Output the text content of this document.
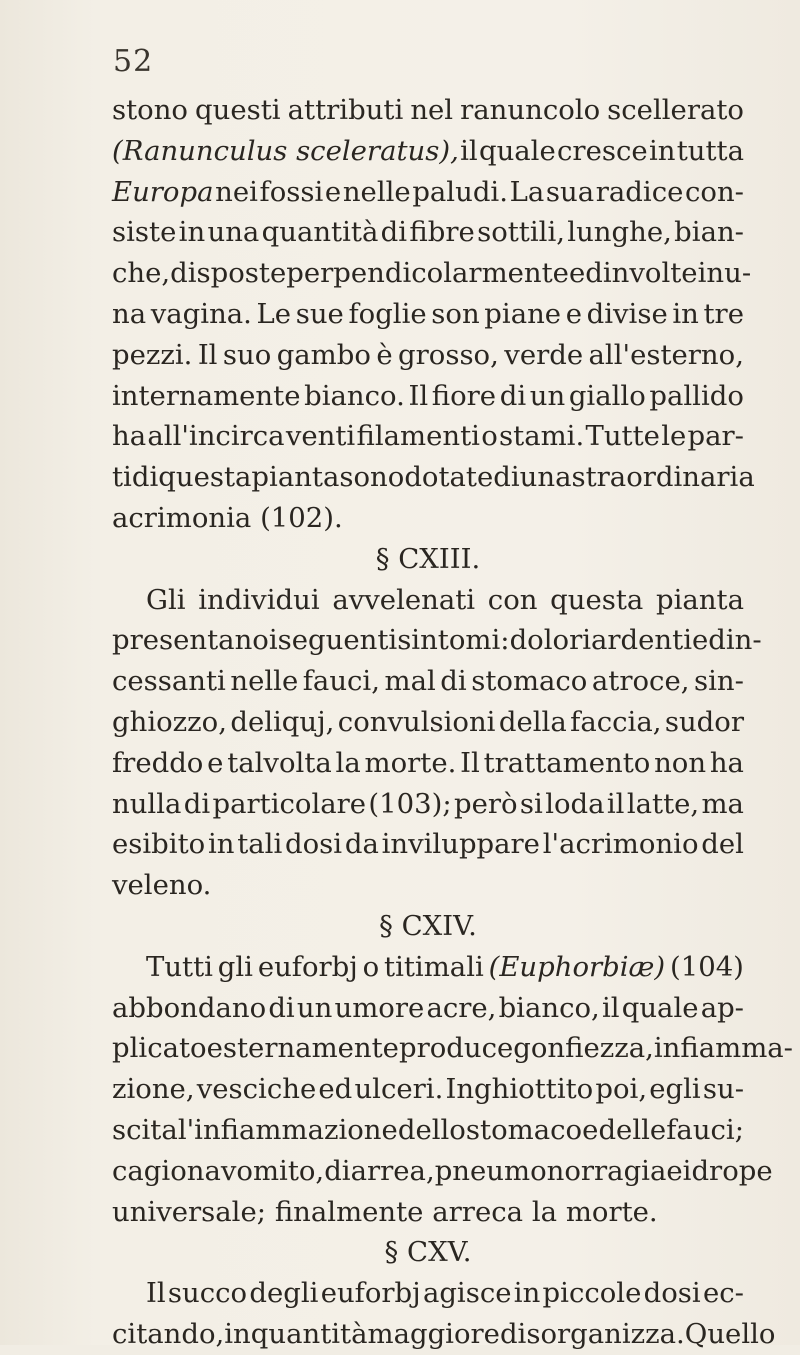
52
stono questi attributi nel ranuncolo scellerato
(Ranunculus sceleratus), il quale cresce in tutta
Europa nei fossi e nelle paludi. La sua radice con-
siste in una quantità di fibre sottili, lunghe, bian-
che, disposte perpendicolarmente ed involte in u-
na vagina. Le sue foglie son piane e divise in tre
pezzi. Il suo gambo è grosso, verde all'esterno,
internamente bianco. Il fiore di un giallo pallido
ha all'incirca venti filamenti o stami. Tutte le par-
ti di questa pianta sono dotate di una straordinaria
acrimonia (102).
§ CXIII.
Gli individui avvelenati con questa pianta
presentano i seguenti sintomi: dolori ardenti ed in-
cessanti nelle fauci, mal di stomaco atroce, sin-
ghiozzo, deliquj, convulsioni della faccia, sudor
freddo e talvolta la morte. Il trattamento non ha
nulla di particolare (103); però si loda il latte, ma
esibito in tali dosi da inviluppare l'acrimonio del
veleno.
§ CXIV.
Tutti gli euforbj o titimali (Euphorbiæ) (104)
abbondano di un umore acre, bianco, il quale ap-
plicato esternamente produce gonfiezza, infiamma-
zione, vesciche ed ulceri. Inghiottito poi, egli su-
scita l'infiammazione dello stomaco e delle fauci;
cagiona vomito, diarrea, pneumonorragia e idrope
universale; finalmente arreca la morte.
§ CXV.
Il succo degli euforbj agisce in piccole dosi ec-
citando, in quantità maggiore disorganizza. Quello
